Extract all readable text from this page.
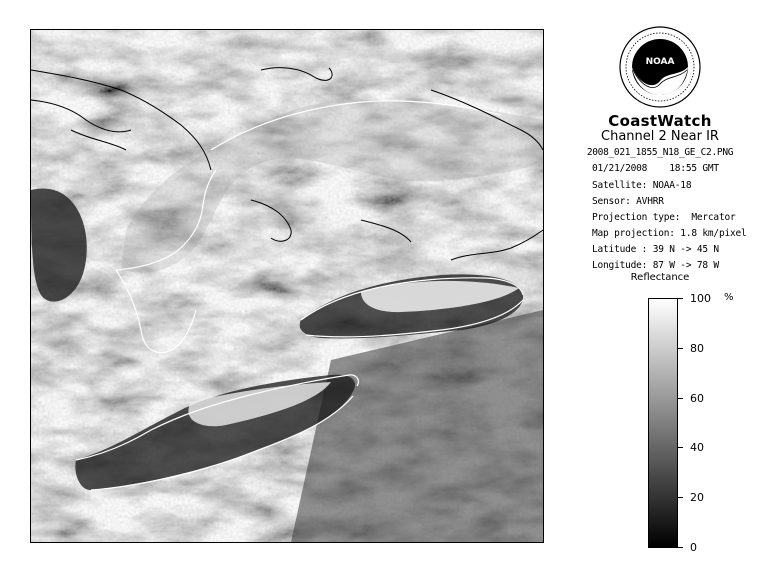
NOAA
CoastWatch
Channel 2 Near IR
2008_021_1855_N18_GE_C2.PNG
01/21/2008 18:55 GMT
Satellite: NOAA-18
Sensor: AVHRR
Projection type:  Mercator
Map projection: 1.8 km/pixel
Latitude : 39 N -> 45 N
Longitude: 87 W -> 78 W
Reflectance
%
100
80
60
40
20
0
